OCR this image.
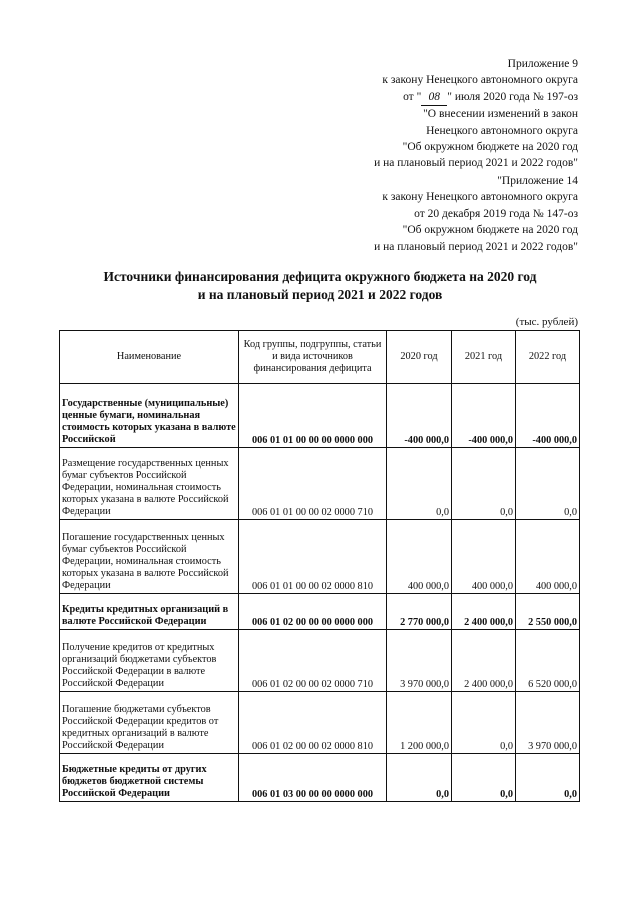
Приложение 9
к закону Ненецкого автономного округа
от " 08 " июля 2020 года № 197-оз
"О внесении изменений в закон
Ненецкого автономного округа
"Об окружном бюджете на 2020 год
и на плановый период 2021 и 2022 годов"
"Приложение 14
к закону Ненецкого автономного округа
от 20 декабря 2019 года № 147-оз
"Об окружном бюджете на 2020 год
и на плановый период 2021 и 2022 годов"
Источники финансирования дефицита окружного бюджета на 2020 год
и на плановый период 2021 и 2022 годов
(тыс. рублей)
Наименование	Код группы, подгруппы, статьи и вида источников финансирования дефицита	2020 год	2021 год	2022 год
Государственные (муниципальные) ценные бумаги, номинальная стоимость которых указана в валюте Российской	006 01 01 00 00 00 0000 000	-400 000,0	-400 000,0	-400 000,0
Размещение государственных ценных бумаг субъектов Российской Федерации, номинальная стоимость которых указана в валюте Российской Федерации	006 01 01 00 00 02 0000 710	0,0	0,0	0,0
Погашение государственных ценных бумаг субъектов Российской Федерации, номинальная стоимость которых указана в валюте Российской Федерации	006 01 01 00 00 02 0000 810	400 000,0	400 000,0	400 000,0
Кредиты кредитных организаций в валюте Российской Федерации	006 01 02 00 00 00 0000 000	2 770 000,0	2 400 000,0	2 550 000,0
Получение кредитов от кредитных организаций бюджетами субъектов Российской Федерации в валюте Российской Федерации	006 01 02 00 00 02 0000 710	3 970 000,0	2 400 000,0	6 520 000,0
Погашение бюджетами субъектов Российской Федерации кредитов от кредитных организаций в валюте Российской Федерации	006 01 02 00 00 02 0000 810	1 200 000,0	0,0	3 970 000,0
Бюджетные кредиты от других бюджетов бюджетной системы Российской Федерации	006 01 03 00 00 00 0000 000	0,0	0,0	0,0
